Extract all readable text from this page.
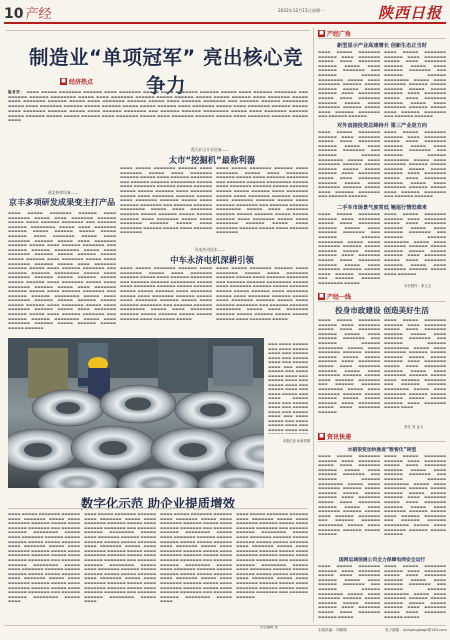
10 产经	2022年12月15日星期一	陕西日报
制造业“单项冠军” 亮出核心竞争力
■ 经济热点
编者按： ▬▬▬▬ ▬▬▬▬▬ ▬▬▬▬▬▬▬ ▬▬▬▬▬▬ ▬▬▬▬ ▬▬▬▬▬▬▬ ▬▬▬▬▬ ▬▬▬▬ ▬▬▬▬▬▬▬ ▬▬▬▬▬▬ ▬▬▬▬▬ ▬▬▬▬ ▬▬▬▬▬▬ ▬▬▬▬▬▬▬ ▬▬▬ ▬▬▬▬▬▬ ▬▬▬▬▬▬ ▬▬▬▬▬▬▬▬ ▬▬▬▬▬ ▬▬▬▬ ▬▬▬▬▬▬▬ ▬▬▬▬▬▬ ▬▬▬▬▬ ▬▬▬▬▬▬ ▬▬▬▬▬ ▬▬▬▬▬ ▬▬▬▬▬▬ ▬▬▬▬ ▬▬▬▬▬▬▬ ▬▬▬▬▬ ▬▬▬▬ ▬▬▬▬▬▬▬ ▬▬▬▬▬▬ ▬▬▬▬▬ ▬▬▬▬ ▬▬▬▬▬▬▬ ▬▬▬▬▬▬ ▬▬▬▬▬ ▬▬▬▬ ▬▬▬▬▬▬ ▬▬▬▬▬▬▬ ▬▬▬ ▬▬▬▬▬▬ ▬▬▬▬▬▬ ▬▬▬▬▬▬▬▬ ▬▬▬▬▬ ▬▬▬▬ ▬▬▬▬▬▬▬ ▬▬▬▬▬▬ ▬▬▬▬▬ ▬▬▬▬▬▬ ▬▬▬▬▬ ▬▬▬▬▬ ▬▬▬▬▬▬ ▬▬▬▬ ▬▬▬▬▬▬▬ ▬▬▬▬▬ ▬▬▬▬ ▬▬▬▬▬▬▬ ▬▬▬▬▬▬ ▬▬▬▬▬ ▬▬▬▬ ▬▬▬▬▬▬▬ ▬▬▬▬▬▬ ▬▬▬▬▬ ▬▬▬▬ ▬▬▬▬▬▬ ▬▬▬▬▬▬▬ ▬▬▬ ▬▬▬▬▬▬ ▬▬▬▬▬▬ ▬▬▬▬▬▬▬▬ ▬▬▬▬▬ ▬▬▬▬ ▬▬▬▬▬▬▬ ▬▬▬▬▬▬ ▬▬▬▬▬ ▬▬▬▬▬▬ ▬▬▬▬▬ ▬▬▬▬▬ ▬▬▬▬▬▬ ▬▬▬▬ ▬▬▬▬▬▬▬ ▬▬▬▬▬ ▬▬▬▬ ▬▬▬▬▬▬▬ ▬▬▬▬▬▬ ▬▬▬▬▬ ▬▬▬▬ ▬▬▬▬▬▬▬ ▬▬▬▬▬▬ ▬▬▬▬▬ ▬▬▬▬
道北转徐设备——
京丰多项研发成果变主打产品
▬▬▬▬ ▬▬▬▬▬ ▬▬▬▬▬▬▬ ▬▬▬▬▬▬ ▬▬▬▬ ▬▬▬▬▬▬▬ ▬▬▬▬▬ ▬▬▬▬ ▬▬▬▬▬▬▬ ▬▬▬▬▬▬ ▬▬▬▬▬ ▬▬▬▬ ▬▬▬▬▬▬ ▬▬▬▬▬▬▬ ▬▬▬ ▬▬▬▬▬▬ ▬▬▬▬▬▬ ▬▬▬▬▬▬▬▬ ▬▬▬▬▬ ▬▬▬▬ ▬▬▬▬▬▬▬ ▬▬▬▬▬▬ ▬▬▬▬▬ ▬▬▬▬▬▬ ▬▬▬▬▬ ▬▬▬▬▬ ▬▬▬▬▬▬ ▬▬▬▬ ▬▬▬▬▬▬▬ ▬▬▬▬▬ ▬▬▬▬ ▬▬▬▬▬▬▬ ▬▬▬▬▬▬ ▬▬▬▬▬ ▬▬▬▬ ▬▬▬▬▬▬▬ ▬▬▬▬▬▬ ▬▬▬▬▬ ▬▬▬▬ ▬▬▬▬▬▬ ▬▬▬▬▬▬▬ ▬▬▬ ▬▬▬▬▬▬ ▬▬▬▬▬▬ ▬▬▬▬▬▬▬▬ ▬▬▬▬▬ ▬▬▬▬ ▬▬▬▬▬▬▬ ▬▬▬▬▬▬ ▬▬▬▬▬ ▬▬▬▬▬▬ ▬▬▬▬▬ ▬▬▬▬▬ ▬▬▬▬▬▬ ▬▬▬▬ ▬▬▬▬▬▬▬ ▬▬▬▬▬ ▬▬▬▬ ▬▬▬▬▬▬▬ ▬▬▬▬▬▬ ▬▬▬▬▬ ▬▬▬▬ ▬▬▬▬▬▬▬ ▬▬▬▬▬▬ ▬▬▬▬▬ ▬▬▬▬ ▬▬▬▬▬▬ ▬▬▬▬▬▬▬ ▬▬▬ ▬▬▬▬▬▬ ▬▬▬▬▬▬ ▬▬▬▬▬▬▬▬ ▬▬▬▬▬ ▬▬▬▬ ▬▬▬▬▬▬▬ ▬▬▬▬▬▬ ▬▬▬▬▬ ▬▬▬▬▬▬ ▬▬▬▬▬ ▬▬▬▬▬ ▬▬▬▬▬▬ ▬▬▬▬ ▬▬▬▬▬▬▬ ▬▬▬▬▬ ▬▬▬▬ ▬▬▬▬▬▬▬ ▬▬▬▬▬▬ ▬▬▬▬▬ ▬▬▬▬ ▬▬▬▬▬▬▬ ▬▬▬▬▬▬ ▬▬▬▬▬ ▬▬▬▬ ▬▬▬▬▬▬ ▬▬▬▬▬▬▬ ▬▬▬ ▬▬▬▬▬▬ ▬▬▬▬▬▬ ▬▬▬▬▬▬▬▬ ▬▬▬▬▬ ▬▬▬▬ ▬▬▬▬▬▬▬ ▬▬▬▬▬▬ ▬▬▬▬▬ ▬▬▬▬▬▬ ▬▬▬▬▬ ▬▬▬▬▬ ▬▬▬▬▬▬ ▬▬▬▬ ▬▬▬▬▬▬▬ ▬▬▬▬▬ ▬▬▬▬ ▬▬▬▬▬▬▬ ▬▬▬▬▬▬ ▬▬▬▬▬ ▬▬▬▬ ▬▬▬▬▬▬▬ ▬▬▬▬▬▬ ▬▬▬▬▬ ▬▬▬▬ ▬▬▬▬▬▬ ▬▬▬▬▬▬▬ ▬▬▬ ▬▬▬▬▬▬ ▬▬▬▬▬▬ ▬▬▬▬▬▬▬▬ ▬▬▬▬▬ ▬▬▬▬ ▬▬▬▬▬▬▬ ▬▬▬▬▬▬ ▬▬▬▬▬ ▬▬▬▬▬▬ ▬▬▬▬▬ ▬▬▬▬▬ ▬▬▬▬▬▬
霞天矿山开采设备——
太市“挖掘机”最称利器
▬▬▬▬ ▬▬▬▬▬ ▬▬▬▬▬▬▬ ▬▬▬▬▬▬ ▬▬▬▬ ▬▬▬▬▬▬▬ ▬▬▬▬▬ ▬▬▬▬ ▬▬▬▬▬▬▬ ▬▬▬▬▬▬ ▬▬▬▬▬ ▬▬▬▬ ▬▬▬▬▬▬ ▬▬▬▬▬▬▬ ▬▬▬ ▬▬▬▬▬▬ ▬▬▬▬▬▬ ▬▬▬▬▬▬▬▬ ▬▬▬▬▬ ▬▬▬▬ ▬▬▬▬▬▬▬ ▬▬▬▬▬▬ ▬▬▬▬▬ ▬▬▬▬▬▬ ▬▬▬▬▬ ▬▬▬▬▬ ▬▬▬▬▬▬ ▬▬▬▬ ▬▬▬▬▬▬▬ ▬▬▬▬▬ ▬▬▬▬ ▬▬▬▬▬▬▬ ▬▬▬▬▬▬ ▬▬▬▬▬ ▬▬▬▬ ▬▬▬▬▬▬▬ ▬▬▬▬▬▬ ▬▬▬▬▬ ▬▬▬▬ ▬▬▬▬▬▬ ▬▬▬▬▬▬▬ ▬▬▬ ▬▬▬▬▬▬ ▬▬▬▬▬▬ ▬▬▬▬▬▬▬▬ ▬▬▬▬▬ ▬▬▬▬ ▬▬▬▬▬▬▬ ▬▬▬▬▬▬ ▬▬▬▬▬ ▬▬▬▬▬▬ ▬▬▬▬▬ ▬▬▬▬▬ ▬▬▬▬▬▬ ▬▬▬▬ ▬▬▬▬▬▬▬ ▬▬▬▬▬ ▬▬▬▬ ▬▬▬▬▬▬▬ ▬▬▬▬▬▬ ▬▬▬▬▬ ▬▬▬▬ ▬▬▬▬▬▬▬ ▬▬▬▬▬▬ ▬▬▬▬▬ ▬▬▬▬ ▬▬▬▬▬▬ ▬▬▬▬▬▬▬
▬▬▬▬ ▬▬▬▬▬ ▬▬▬▬▬▬▬ ▬▬▬▬▬▬ ▬▬▬▬ ▬▬▬▬▬▬▬ ▬▬▬▬▬ ▬▬▬▬ ▬▬▬▬▬▬▬ ▬▬▬▬▬▬ ▬▬▬▬▬ ▬▬▬▬ ▬▬▬▬▬▬ ▬▬▬▬▬▬▬ ▬▬▬ ▬▬▬▬▬▬ ▬▬▬▬▬▬ ▬▬▬▬▬▬▬▬ ▬▬▬▬▬ ▬▬▬▬ ▬▬▬▬▬▬▬ ▬▬▬▬▬▬ ▬▬▬▬▬ ▬▬▬▬▬▬ ▬▬▬▬▬ ▬▬▬▬▬ ▬▬▬▬▬▬ ▬▬▬▬ ▬▬▬▬▬▬▬ ▬▬▬▬▬ ▬▬▬▬ ▬▬▬▬▬▬▬ ▬▬▬▬▬▬ ▬▬▬▬▬ ▬▬▬▬ ▬▬▬▬▬▬▬ ▬▬▬▬▬▬ ▬▬▬▬▬ ▬▬▬▬ ▬▬▬▬▬▬ ▬▬▬▬▬▬▬ ▬▬▬ ▬▬▬▬▬▬ ▬▬▬▬▬▬ ▬▬▬▬▬▬▬▬ ▬▬▬▬▬ ▬▬▬▬ ▬▬▬▬▬▬▬ ▬▬▬▬▬▬ ▬▬▬▬▬ ▬▬▬▬▬▬ ▬▬▬▬▬ ▬▬▬▬▬ ▬▬▬▬▬▬ ▬▬▬▬ ▬▬▬▬▬▬▬ ▬▬▬▬▬ ▬▬▬▬ ▬▬▬▬▬▬▬ ▬▬▬▬▬▬ ▬▬▬▬▬ ▬▬▬▬ ▬▬▬▬▬▬▬ ▬▬▬▬▬▬ ▬▬▬▬▬ ▬▬▬▬ ▬▬▬▬▬▬ ▬▬▬▬▬▬▬
风电传动技术——
中车永济电机深耕引领
▬▬▬▬ ▬▬▬▬▬ ▬▬▬▬▬▬▬ ▬▬▬▬▬▬ ▬▬▬▬ ▬▬▬▬▬▬▬ ▬▬▬▬▬ ▬▬▬▬ ▬▬▬▬▬▬▬ ▬▬▬▬▬▬ ▬▬▬▬▬ ▬▬▬▬ ▬▬▬▬▬▬ ▬▬▬▬▬▬▬ ▬▬▬ ▬▬▬▬▬▬ ▬▬▬▬▬▬ ▬▬▬▬▬▬▬▬ ▬▬▬▬▬ ▬▬▬▬ ▬▬▬▬▬▬▬ ▬▬▬▬▬▬ ▬▬▬▬▬ ▬▬▬▬▬▬ ▬▬▬▬▬ ▬▬▬▬▬ ▬▬▬▬▬▬ ▬▬▬▬ ▬▬▬▬▬▬▬ ▬▬▬▬▬ ▬▬▬▬ ▬▬▬▬▬▬▬ ▬▬▬▬▬▬ ▬▬▬▬▬ ▬▬▬▬ ▬▬▬▬▬▬▬ ▬▬▬▬▬▬ ▬▬▬▬▬ ▬▬▬▬ ▬▬▬▬▬▬ ▬▬▬▬▬▬▬ ▬▬▬ ▬▬▬▬▬▬ ▬▬▬▬▬▬ ▬▬▬▬▬▬▬▬ ▬▬▬▬▬ ▬▬▬▬ ▬▬▬▬▬▬▬ ▬▬▬▬▬▬ ▬▬▬▬▬ ▬▬▬▬▬▬ ▬▬▬▬▬ ▬▬▬▬▬ ▬▬▬▬▬▬ ▬▬▬▬ ▬▬▬▬▬▬▬ ▬▬▬▬▬
▬▬▬▬ ▬▬▬▬▬ ▬▬▬▬▬▬▬ ▬▬▬▬▬▬ ▬▬▬▬ ▬▬▬▬▬▬▬ ▬▬▬▬▬ ▬▬▬▬ ▬▬▬▬▬▬▬ ▬▬▬▬▬▬ ▬▬▬▬▬ ▬▬▬▬ ▬▬▬▬▬▬ ▬▬▬▬▬▬▬ ▬▬▬ ▬▬▬▬▬▬ ▬▬▬▬▬▬ ▬▬▬▬▬▬▬▬ ▬▬▬▬▬ ▬▬▬▬ ▬▬▬▬▬▬▬ ▬▬▬▬▬▬ ▬▬▬▬▬ ▬▬▬▬▬▬ ▬▬▬▬▬ ▬▬▬▬▬ ▬▬▬▬▬▬ ▬▬▬▬ ▬▬▬▬▬▬▬ ▬▬▬▬▬ ▬▬▬▬ ▬▬▬▬▬▬▬ ▬▬▬▬▬▬ ▬▬▬▬▬ ▬▬▬▬ ▬▬▬▬▬▬▬ ▬▬▬▬▬▬ ▬▬▬▬▬ ▬▬▬▬ ▬▬▬▬▬▬ ▬▬▬▬▬▬▬ ▬▬▬ ▬▬▬▬▬▬ ▬▬▬▬▬▬ ▬▬▬▬▬▬▬▬ ▬▬▬▬▬ ▬▬▬▬ ▬▬▬▬▬▬▬ ▬▬▬▬▬▬ ▬▬▬▬▬ ▬▬▬▬▬▬ ▬▬▬▬▬ ▬▬▬▬▬ ▬▬▬▬▬▬ ▬▬▬▬ ▬▬▬▬▬▬▬ ▬▬▬▬▬
▬▬▬ ▬▬▬▬ ▬▬▬▬▬ ▬▬▬ ▬▬▬▬ ▬▬▬▬▬ ▬▬▬▬ ▬▬▬ ▬▬▬▬▬ ▬▬▬▬ ▬▬▬ ▬▬▬▬▬ ▬▬▬▬ ▬▬▬ ▬▬▬▬▬ ▬▬▬▬ ▬▬▬ ▬▬▬▬ ▬▬▬▬▬ ▬▬▬ ▬▬▬▬ ▬▬▬▬▬ ▬▬▬▬ ▬▬▬ ▬▬▬▬▬ ▬▬▬▬ ▬▬▬ ▬▬▬▬▬ ▬▬▬▬ ▬▬▬ ▬▬▬▬▬ ▬▬▬▬ ▬▬▬ ▬▬▬▬ ▬▬▬▬▬ ▬▬▬ ▬▬▬▬ ▬▬▬▬▬ ▬▬▬▬ ▬▬▬ ▬▬▬▬▬ ▬▬▬▬ ▬▬▬ ▬▬▬▬▬ ▬▬▬▬ ▬▬▬ ▬▬▬▬▬ ▬▬▬▬ ▬▬▬ ▬▬▬▬ ▬▬▬▬▬ ▬▬▬ ▬▬▬▬ ▬▬▬▬▬ ▬▬▬▬ ▬▬▬ ▬▬▬▬▬ ▬▬▬▬ ▬▬▬ ▬▬▬▬▬ ▬▬▬▬ ▬▬▬
本报记者 孙新刘摄
数字化示范 助企业提质增效
▬▬▬▬ ▬▬▬▬▬ ▬▬▬▬▬▬▬ ▬▬▬▬▬▬ ▬▬▬▬ ▬▬▬▬▬▬▬ ▬▬▬▬▬ ▬▬▬▬ ▬▬▬▬▬▬▬ ▬▬▬▬▬▬ ▬▬▬▬▬ ▬▬▬▬ ▬▬▬▬▬▬ ▬▬▬▬▬▬▬ ▬▬▬ ▬▬▬▬▬▬ ▬▬▬▬▬▬ ▬▬▬▬▬▬▬▬ ▬▬▬▬▬ ▬▬▬▬ ▬▬▬▬▬▬▬ ▬▬▬▬▬▬ ▬▬▬▬▬ ▬▬▬▬▬▬ ▬▬▬▬▬ ▬▬▬▬▬ ▬▬▬▬▬▬ ▬▬▬▬ ▬▬▬▬▬▬▬ ▬▬▬▬▬ ▬▬▬▬ ▬▬▬▬▬▬▬ ▬▬▬▬▬▬ ▬▬▬▬▬ ▬▬▬▬ ▬▬▬▬▬▬▬ ▬▬▬▬▬▬ ▬▬▬▬▬ ▬▬▬▬ ▬▬▬▬▬▬ ▬▬▬▬▬▬▬ ▬▬▬ ▬▬▬▬▬▬ ▬▬▬▬▬▬ ▬▬▬▬▬▬▬▬ ▬▬▬▬▬ ▬▬▬▬ ▬▬▬▬▬▬▬ ▬▬▬▬▬▬ ▬▬▬▬▬ ▬▬▬▬▬▬ ▬▬▬▬▬ ▬▬▬▬▬ ▬▬▬▬▬▬ ▬▬▬▬ ▬▬▬▬▬▬▬ ▬▬▬▬▬ ▬▬▬▬ ▬▬▬▬▬▬▬ ▬▬▬▬▬▬ ▬▬▬▬▬ ▬▬▬▬ ▬▬▬▬▬▬▬ ▬▬▬▬▬▬ ▬▬▬▬▬ ▬▬▬▬ ▬▬▬▬▬▬ ▬▬▬▬▬▬▬ ▬▬▬ ▬▬▬▬▬▬ ▬▬▬▬▬▬ ▬▬▬▬▬▬▬▬ ▬▬▬▬▬ ▬▬▬▬
▬▬▬▬ ▬▬▬▬▬ ▬▬▬▬▬▬▬ ▬▬▬▬▬▬ ▬▬▬▬ ▬▬▬▬▬▬▬ ▬▬▬▬▬ ▬▬▬▬ ▬▬▬▬▬▬▬ ▬▬▬▬▬▬ ▬▬▬▬▬ ▬▬▬▬ ▬▬▬▬▬▬ ▬▬▬▬▬▬▬ ▬▬▬ ▬▬▬▬▬▬ ▬▬▬▬▬▬ ▬▬▬▬▬▬▬▬ ▬▬▬▬▬ ▬▬▬▬ ▬▬▬▬▬▬▬ ▬▬▬▬▬▬ ▬▬▬▬▬ ▬▬▬▬▬▬ ▬▬▬▬▬ ▬▬▬▬▬ ▬▬▬▬▬▬ ▬▬▬▬ ▬▬▬▬▬▬▬ ▬▬▬▬▬ ▬▬▬▬ ▬▬▬▬▬▬▬ ▬▬▬▬▬▬ ▬▬▬▬▬ ▬▬▬▬ ▬▬▬▬▬▬▬ ▬▬▬▬▬▬ ▬▬▬▬▬ ▬▬▬▬ ▬▬▬▬▬▬ ▬▬▬▬▬▬▬ ▬▬▬ ▬▬▬▬▬▬ ▬▬▬▬▬▬ ▬▬▬▬▬▬▬▬ ▬▬▬▬▬ ▬▬▬▬ ▬▬▬▬▬▬▬ ▬▬▬▬▬▬ ▬▬▬▬▬ ▬▬▬▬▬▬ ▬▬▬▬▬ ▬▬▬▬▬ ▬▬▬▬▬▬ ▬▬▬▬ ▬▬▬▬▬▬▬ ▬▬▬▬▬ ▬▬▬▬ ▬▬▬▬▬▬▬ ▬▬▬▬▬▬ ▬▬▬▬▬ ▬▬▬▬ ▬▬▬▬▬▬▬ ▬▬▬▬▬▬ ▬▬▬▬▬ ▬▬▬▬ ▬▬▬▬▬▬ ▬▬▬▬▬▬▬ ▬▬▬ ▬▬▬▬▬▬ ▬▬▬▬▬▬ ▬▬▬▬▬▬▬▬ ▬▬▬▬▬ ▬▬▬▬
▬▬▬▬ ▬▬▬▬▬ ▬▬▬▬▬▬▬ ▬▬▬▬▬▬ ▬▬▬▬ ▬▬▬▬▬▬▬ ▬▬▬▬▬ ▬▬▬▬ ▬▬▬▬▬▬▬ ▬▬▬▬▬▬ ▬▬▬▬▬ ▬▬▬▬ ▬▬▬▬▬▬ ▬▬▬▬▬▬▬ ▬▬▬ ▬▬▬▬▬▬ ▬▬▬▬▬▬ ▬▬▬▬▬▬▬▬ ▬▬▬▬▬ ▬▬▬▬ ▬▬▬▬▬▬▬ ▬▬▬▬▬▬ ▬▬▬▬▬ ▬▬▬▬▬▬ ▬▬▬▬▬ ▬▬▬▬▬ ▬▬▬▬▬▬ ▬▬▬▬ ▬▬▬▬▬▬▬ ▬▬▬▬▬ ▬▬▬▬ ▬▬▬▬▬▬▬ ▬▬▬▬▬▬ ▬▬▬▬▬ ▬▬▬▬ ▬▬▬▬▬▬▬ ▬▬▬▬▬▬ ▬▬▬▬▬ ▬▬▬▬ ▬▬▬▬▬▬ ▬▬▬▬▬▬▬ ▬▬▬ ▬▬▬▬▬▬ ▬▬▬▬▬▬ ▬▬▬▬▬▬▬▬ ▬▬▬▬▬ ▬▬▬▬ ▬▬▬▬▬▬▬ ▬▬▬▬▬▬ ▬▬▬▬▬ ▬▬▬▬▬▬ ▬▬▬▬▬ ▬▬▬▬▬ ▬▬▬▬▬▬ ▬▬▬▬ ▬▬▬▬▬▬▬ ▬▬▬▬▬ ▬▬▬▬ ▬▬▬▬▬▬▬ ▬▬▬▬▬▬ ▬▬▬▬▬ ▬▬▬▬ ▬▬▬▬▬▬▬ ▬▬▬▬▬▬ ▬▬▬▬▬ ▬▬▬▬ ▬▬▬▬▬▬ ▬▬▬▬▬▬▬ ▬▬▬ ▬▬▬▬▬▬ ▬▬▬▬▬▬ ▬▬▬▬▬▬▬▬ ▬▬▬▬▬ ▬▬▬▬
▬▬▬▬ ▬▬▬▬▬ ▬▬▬▬▬▬▬ ▬▬▬▬▬▬ ▬▬▬▬ ▬▬▬▬▬▬▬ ▬▬▬▬▬ ▬▬▬▬ ▬▬▬▬▬▬▬ ▬▬▬▬▬▬ ▬▬▬▬▬ ▬▬▬▬ ▬▬▬▬▬▬ ▬▬▬▬▬▬▬ ▬▬▬ ▬▬▬▬▬▬ ▬▬▬▬▬▬ ▬▬▬▬▬▬▬▬ ▬▬▬▬▬ ▬▬▬▬ ▬▬▬▬▬▬▬ ▬▬▬▬▬▬ ▬▬▬▬▬ ▬▬▬▬▬▬ ▬▬▬▬▬ ▬▬▬▬▬ ▬▬▬▬▬▬ ▬▬▬▬ ▬▬▬▬▬▬▬ ▬▬▬▬▬ ▬▬▬▬ ▬▬▬▬▬▬▬ ▬▬▬▬▬▬ ▬▬▬▬▬ ▬▬▬▬ ▬▬▬▬▬▬▬ ▬▬▬▬▬▬ ▬▬▬▬▬ ▬▬▬▬ ▬▬▬▬▬▬ ▬▬▬▬▬▬▬ ▬▬▬ ▬▬▬▬▬▬ ▬▬▬▬▬▬ ▬▬▬▬▬▬▬▬ ▬▬▬▬▬ ▬▬▬▬ ▬▬▬▬▬▬▬ ▬▬▬▬▬▬ ▬▬▬▬▬ ▬▬▬▬▬▬ ▬▬▬▬▬ ▬▬▬▬▬ ▬▬▬▬▬▬ ▬▬▬▬ ▬▬▬▬▬▬▬ ▬▬▬▬▬ ▬▬▬▬ ▬▬▬▬▬▬▬ ▬▬▬▬▬▬ ▬▬▬▬▬ ▬▬▬▬ ▬▬▬▬▬▬▬ ▬▬▬▬▬▬ ▬▬▬▬▬ ▬▬▬▬ ▬▬▬▬▬▬ ▬▬▬▬▬▬▬ ▬▬▬ ▬▬▬▬▬▬ ▬▬▬▬▬▬
责任编辑 张
■ 产经广角
新型显示产业高速增长 创新生态正当时
▬▬▬▬ ▬▬▬▬▬ ▬▬▬▬▬▬▬ ▬▬▬▬▬▬ ▬▬▬▬ ▬▬▬▬▬▬▬ ▬▬▬▬▬ ▬▬▬▬ ▬▬▬▬▬▬▬ ▬▬▬▬▬▬ ▬▬▬▬▬ ▬▬▬▬ ▬▬▬▬▬▬ ▬▬▬▬▬▬▬ ▬▬▬ ▬▬▬▬▬▬ ▬▬▬▬▬▬ ▬▬▬▬▬▬▬▬ ▬▬▬▬▬ ▬▬▬▬ ▬▬▬▬▬▬▬ ▬▬▬▬▬▬ ▬▬▬▬▬ ▬▬▬▬▬▬ ▬▬▬▬▬ ▬▬▬▬▬ ▬▬▬▬▬▬ ▬▬▬▬ ▬▬▬▬▬▬▬ ▬▬▬▬▬ ▬▬▬▬ ▬▬▬▬▬▬▬ ▬▬▬▬▬▬ ▬▬▬▬▬ ▬▬▬▬ ▬▬▬▬▬▬▬ ▬▬▬▬▬▬ ▬▬▬▬▬ ▬▬▬▬ ▬▬▬▬▬▬ ▬▬▬▬▬▬▬ ▬▬▬ ▬▬▬▬▬▬ ▬▬▬▬▬▬
▬▬▬▬ ▬▬▬▬▬ ▬▬▬▬▬▬▬ ▬▬▬▬▬▬ ▬▬▬▬ ▬▬▬▬▬▬▬ ▬▬▬▬▬ ▬▬▬▬ ▬▬▬▬▬▬▬ ▬▬▬▬▬▬ ▬▬▬▬▬ ▬▬▬▬ ▬▬▬▬▬▬ ▬▬▬▬▬▬▬ ▬▬▬ ▬▬▬▬▬▬ ▬▬▬▬▬▬ ▬▬▬▬▬▬▬▬ ▬▬▬▬▬ ▬▬▬▬ ▬▬▬▬▬▬▬ ▬▬▬▬▬▬ ▬▬▬▬▬ ▬▬▬▬▬▬ ▬▬▬▬▬ ▬▬▬▬▬ ▬▬▬▬▬▬ ▬▬▬▬ ▬▬▬▬▬▬▬ ▬▬▬▬▬ ▬▬▬▬ ▬▬▬▬▬▬▬ ▬▬▬▬▬▬ ▬▬▬▬▬ ▬▬▬▬ ▬▬▬▬▬▬▬ ▬▬▬▬▬▬ ▬▬▬▬▬ ▬▬▬▬ ▬▬▬▬▬▬ ▬▬▬▬▬▬▬ ▬▬▬ ▬▬▬▬▬▬ ▬▬▬▬▬▬
对外直接投资总降持升 第三产业是方向
▬▬▬▬ ▬▬▬▬▬ ▬▬▬▬▬▬▬ ▬▬▬▬▬▬ ▬▬▬▬ ▬▬▬▬▬▬▬ ▬▬▬▬▬ ▬▬▬▬ ▬▬▬▬▬▬▬ ▬▬▬▬▬▬ ▬▬▬▬▬ ▬▬▬▬ ▬▬▬▬▬▬ ▬▬▬▬▬▬▬ ▬▬▬ ▬▬▬▬▬▬ ▬▬▬▬▬▬ ▬▬▬▬▬▬▬▬ ▬▬▬▬▬ ▬▬▬▬ ▬▬▬▬▬▬▬ ▬▬▬▬▬▬ ▬▬▬▬▬ ▬▬▬▬▬▬ ▬▬▬▬▬ ▬▬▬▬▬ ▬▬▬▬▬▬ ▬▬▬▬ ▬▬▬▬▬▬▬ ▬▬▬▬▬ ▬▬▬▬ ▬▬▬▬▬▬▬ ▬▬▬▬▬▬ ▬▬▬▬▬ ▬▬▬▬ ▬▬▬▬▬▬▬ ▬▬▬▬▬▬ ▬▬▬▬▬ ▬▬▬▬ ▬▬▬▬▬▬ ▬▬▬▬▬▬▬ ▬▬▬ ▬▬▬▬▬▬ ▬▬▬▬▬▬
▬▬▬▬ ▬▬▬▬▬ ▬▬▬▬▬▬▬ ▬▬▬▬▬▬ ▬▬▬▬ ▬▬▬▬▬▬▬ ▬▬▬▬▬ ▬▬▬▬ ▬▬▬▬▬▬▬ ▬▬▬▬▬▬ ▬▬▬▬▬ ▬▬▬▬ ▬▬▬▬▬▬ ▬▬▬▬▬▬▬ ▬▬▬ ▬▬▬▬▬▬ ▬▬▬▬▬▬ ▬▬▬▬▬▬▬▬ ▬▬▬▬▬ ▬▬▬▬ ▬▬▬▬▬▬▬ ▬▬▬▬▬▬ ▬▬▬▬▬ ▬▬▬▬▬▬ ▬▬▬▬▬ ▬▬▬▬▬ ▬▬▬▬▬▬ ▬▬▬▬ ▬▬▬▬▬▬▬ ▬▬▬▬▬ ▬▬▬▬ ▬▬▬▬▬▬▬ ▬▬▬▬▬▬ ▬▬▬▬▬ ▬▬▬▬ ▬▬▬▬▬▬▬ ▬▬▬▬▬▬ ▬▬▬▬▬ ▬▬▬▬ ▬▬▬▬▬▬ ▬▬▬▬▬▬▬ ▬▬▬ ▬▬▬▬▬▬ ▬▬▬▬▬▬
二手车市场景气度常低 翘尾行情恐难来
▬▬▬▬ ▬▬▬▬▬ ▬▬▬▬▬▬▬ ▬▬▬▬▬▬ ▬▬▬▬ ▬▬▬▬▬▬▬ ▬▬▬▬▬ ▬▬▬▬ ▬▬▬▬▬▬▬ ▬▬▬▬▬▬ ▬▬▬▬▬ ▬▬▬▬ ▬▬▬▬▬▬ ▬▬▬▬▬▬▬ ▬▬▬ ▬▬▬▬▬▬ ▬▬▬▬▬▬ ▬▬▬▬▬▬▬▬ ▬▬▬▬▬ ▬▬▬▬ ▬▬▬▬▬▬▬ ▬▬▬▬▬▬ ▬▬▬▬▬ ▬▬▬▬▬▬ ▬▬▬▬▬ ▬▬▬▬▬ ▬▬▬▬▬▬ ▬▬▬▬ ▬▬▬▬▬▬▬ ▬▬▬▬▬ ▬▬▬▬ ▬▬▬▬▬▬▬ ▬▬▬▬▬▬ ▬▬▬▬▬ ▬▬▬▬ ▬▬▬▬▬▬▬ ▬▬▬▬▬▬ ▬▬▬▬▬ ▬▬▬▬ ▬▬▬▬▬▬ ▬▬▬▬▬▬▬ ▬▬▬ ▬▬▬▬▬▬ ▬▬▬▬▬▬ ▬▬▬▬▬▬▬▬ ▬▬▬▬▬
▬▬▬▬ ▬▬▬▬▬ ▬▬▬▬▬▬▬ ▬▬▬▬▬▬ ▬▬▬▬ ▬▬▬▬▬▬▬ ▬▬▬▬▬ ▬▬▬▬ ▬▬▬▬▬▬▬ ▬▬▬▬▬▬ ▬▬▬▬▬ ▬▬▬▬ ▬▬▬▬▬▬ ▬▬▬▬▬▬▬ ▬▬▬ ▬▬▬▬▬▬ ▬▬▬▬▬▬ ▬▬▬▬▬▬▬▬ ▬▬▬▬▬ ▬▬▬▬ ▬▬▬▬▬▬▬ ▬▬▬▬▬▬ ▬▬▬▬▬ ▬▬▬▬▬▬ ▬▬▬▬▬ ▬▬▬▬▬ ▬▬▬▬▬▬ ▬▬▬▬ ▬▬▬▬▬▬▬ ▬▬▬▬▬ ▬▬▬▬ ▬▬▬▬▬▬▬ ▬▬▬▬▬▬ ▬▬▬▬▬ ▬▬▬▬ ▬▬▬▬▬▬▬ ▬▬▬▬▬▬ ▬▬▬▬▬ ▬▬▬▬ ▬▬▬▬▬▬
本栏制作：张文玉
■ 产经一线
投身市政建设 创造美好生活
▬▬▬▬ ▬▬▬▬▬ ▬▬▬▬▬▬▬ ▬▬▬▬▬▬ ▬▬▬▬ ▬▬▬▬▬▬▬ ▬▬▬▬▬ ▬▬▬▬ ▬▬▬▬▬▬▬ ▬▬▬▬▬▬ ▬▬▬▬▬ ▬▬▬▬ ▬▬▬▬▬▬ ▬▬▬▬▬▬▬ ▬▬▬ ▬▬▬▬▬▬ ▬▬▬▬▬▬ ▬▬▬▬▬▬▬▬ ▬▬▬▬▬ ▬▬▬▬ ▬▬▬▬▬▬▬ ▬▬▬▬▬▬ ▬▬▬▬▬ ▬▬▬▬▬▬ ▬▬▬▬▬ ▬▬▬▬▬ ▬▬▬▬▬▬ ▬▬▬▬ ▬▬▬▬▬▬▬ ▬▬▬▬▬ ▬▬▬▬ ▬▬▬▬▬▬▬ ▬▬▬▬▬▬ ▬▬▬▬▬ ▬▬▬▬ ▬▬▬▬▬▬▬ ▬▬▬▬▬▬ ▬▬▬▬▬ ▬▬▬▬ ▬▬▬▬▬▬ ▬▬▬▬▬▬▬ ▬▬▬ ▬▬▬▬▬▬ ▬▬▬▬▬▬ ▬▬▬▬▬▬▬▬ ▬▬▬▬▬ ▬▬▬▬ ▬▬▬▬▬▬▬ ▬▬▬▬▬▬ ▬▬▬▬▬ ▬▬▬▬▬▬ ▬▬▬▬▬ ▬▬▬▬▬ ▬▬▬▬▬▬ ▬▬▬▬ ▬▬▬▬▬▬▬ ▬▬▬▬▬ ▬▬▬▬ ▬▬▬▬▬▬▬ ▬▬▬▬▬▬
▬▬▬▬ ▬▬▬▬▬ ▬▬▬▬▬▬▬ ▬▬▬▬▬▬ ▬▬▬▬ ▬▬▬▬▬▬▬ ▬▬▬▬▬ ▬▬▬▬ ▬▬▬▬▬▬▬ ▬▬▬▬▬▬ ▬▬▬▬▬ ▬▬▬▬ ▬▬▬▬▬▬ ▬▬▬▬▬▬▬ ▬▬▬ ▬▬▬▬▬▬ ▬▬▬▬▬▬ ▬▬▬▬▬▬▬▬ ▬▬▬▬▬ ▬▬▬▬ ▬▬▬▬▬▬▬ ▬▬▬▬▬▬ ▬▬▬▬▬ ▬▬▬▬▬▬ ▬▬▬▬▬ ▬▬▬▬▬ ▬▬▬▬▬▬ ▬▬▬▬ ▬▬▬▬▬▬▬ ▬▬▬▬▬ ▬▬▬▬ ▬▬▬▬▬▬▬ ▬▬▬▬▬▬ ▬▬▬▬▬ ▬▬▬▬ ▬▬▬▬▬▬▬ ▬▬▬▬▬▬ ▬▬▬▬▬ ▬▬▬▬ ▬▬▬▬▬▬ ▬▬▬▬▬▬▬ ▬▬▬ ▬▬▬▬▬▬ ▬▬▬▬▬▬ ▬▬▬▬▬▬▬▬ ▬▬▬▬▬ ▬▬▬▬ ▬▬▬▬▬▬▬ ▬▬▬▬▬▬ ▬▬▬▬▬ ▬▬▬▬▬▬ ▬▬▬▬▬ ▬▬▬▬▬ ▬▬▬▬▬▬ ▬▬▬▬ ▬▬▬▬▬▬▬ ▬▬▬▬▬ ▬▬▬▬
责任 刘 金飞
■ 资讯快递
水稻很变加快推进“数智化”转型
▬▬▬▬ ▬▬▬▬▬ ▬▬▬▬▬▬▬ ▬▬▬▬▬▬ ▬▬▬▬ ▬▬▬▬▬▬▬ ▬▬▬▬▬ ▬▬▬▬ ▬▬▬▬▬▬▬ ▬▬▬▬▬▬ ▬▬▬▬▬ ▬▬▬▬ ▬▬▬▬▬▬ ▬▬▬▬▬▬▬ ▬▬▬ ▬▬▬▬▬▬ ▬▬▬▬▬▬ ▬▬▬▬▬▬▬▬ ▬▬▬▬▬ ▬▬▬▬ ▬▬▬▬▬▬▬ ▬▬▬▬▬▬ ▬▬▬▬▬ ▬▬▬▬▬▬ ▬▬▬▬▬ ▬▬▬▬▬ ▬▬▬▬▬▬ ▬▬▬▬ ▬▬▬▬▬▬▬ ▬▬▬▬▬ ▬▬▬▬ ▬▬▬▬▬▬▬ ▬▬▬▬▬▬ ▬▬▬▬▬ ▬▬▬▬ ▬▬▬▬▬▬▬ ▬▬▬▬▬▬ ▬▬▬▬▬ ▬▬▬▬ ▬▬▬▬▬▬ ▬▬▬▬▬▬▬ ▬▬▬ ▬▬▬▬▬▬ ▬▬▬▬▬▬ ▬▬▬▬▬▬▬▬ ▬▬▬▬▬ ▬▬▬▬ ▬▬▬▬▬▬▬ ▬▬▬▬▬▬ ▬▬▬▬▬ ▬▬▬▬▬▬
▬▬▬▬ ▬▬▬▬▬ ▬▬▬▬▬▬▬ ▬▬▬▬▬▬ ▬▬▬▬ ▬▬▬▬▬▬▬ ▬▬▬▬▬ ▬▬▬▬ ▬▬▬▬▬▬▬ ▬▬▬▬▬▬ ▬▬▬▬▬ ▬▬▬▬ ▬▬▬▬▬▬ ▬▬▬▬▬▬▬ ▬▬▬ ▬▬▬▬▬▬ ▬▬▬▬▬▬ ▬▬▬▬▬▬▬▬ ▬▬▬▬▬ ▬▬▬▬ ▬▬▬▬▬▬▬ ▬▬▬▬▬▬ ▬▬▬▬▬ ▬▬▬▬▬▬ ▬▬▬▬▬ ▬▬▬▬▬ ▬▬▬▬▬▬ ▬▬▬▬ ▬▬▬▬▬▬▬ ▬▬▬▬▬ ▬▬▬▬ ▬▬▬▬▬▬▬ ▬▬▬▬▬▬ ▬▬▬▬▬ ▬▬▬▬ ▬▬▬▬▬▬▬ ▬▬▬▬▬▬ ▬▬▬▬▬ ▬▬▬▬ ▬▬▬▬▬▬ ▬▬▬▬▬▬▬ ▬▬▬ ▬▬▬▬▬▬ ▬▬▬▬▬▬ ▬▬▬▬▬▬▬▬ ▬▬▬▬▬ ▬▬▬▬ ▬▬▬▬▬▬▬ ▬▬▬▬▬▬ ▬▬▬▬▬ ▬▬▬▬▬▬
国网运城信通公司全力保障电网安全运行
▬▬▬▬ ▬▬▬▬▬ ▬▬▬▬▬▬▬ ▬▬▬▬▬▬ ▬▬▬▬ ▬▬▬▬▬▬▬ ▬▬▬▬▬ ▬▬▬▬ ▬▬▬▬▬▬▬ ▬▬▬▬▬▬ ▬▬▬▬▬ ▬▬▬▬ ▬▬▬▬▬▬ ▬▬▬▬▬▬▬ ▬▬▬ ▬▬▬▬▬▬ ▬▬▬▬▬▬ ▬▬▬▬▬▬▬▬ ▬▬▬▬▬ ▬▬▬▬ ▬▬▬▬▬▬▬ ▬▬▬▬▬▬ ▬▬▬▬▬ ▬▬▬▬▬▬ ▬▬▬▬▬ ▬▬▬▬▬ ▬▬▬▬▬▬ ▬▬▬▬ ▬▬▬▬▬▬▬ ▬▬▬▬▬ ▬▬▬▬ ▬▬▬▬▬▬▬ ▬▬▬▬▬▬ ▬▬▬▬▬
▬▬▬▬ ▬▬▬▬▬ ▬▬▬▬▬▬▬ ▬▬▬▬▬▬ ▬▬▬▬ ▬▬▬▬▬▬▬ ▬▬▬▬▬ ▬▬▬▬ ▬▬▬▬▬▬▬ ▬▬▬▬▬▬ ▬▬▬▬▬ ▬▬▬▬ ▬▬▬▬▬▬ ▬▬▬▬▬▬▬ ▬▬▬ ▬▬▬▬▬▬ ▬▬▬▬▬▬ ▬▬▬▬▬▬▬▬ ▬▬▬▬▬ ▬▬▬▬ ▬▬▬▬▬▬▬ ▬▬▬▬▬▬ ▬▬▬▬▬ ▬▬▬▬▬▬ ▬▬▬▬▬ ▬▬▬▬▬ ▬▬▬▬▬▬ ▬▬▬▬ ▬▬▬▬▬▬▬ ▬▬▬▬▬ ▬▬▬▬ ▬▬▬▬▬▬▬ ▬▬▬▬▬▬ ▬▬▬▬▬
本版责编：刘珊珊	电子邮箱：kjxtgongpage@163.com
